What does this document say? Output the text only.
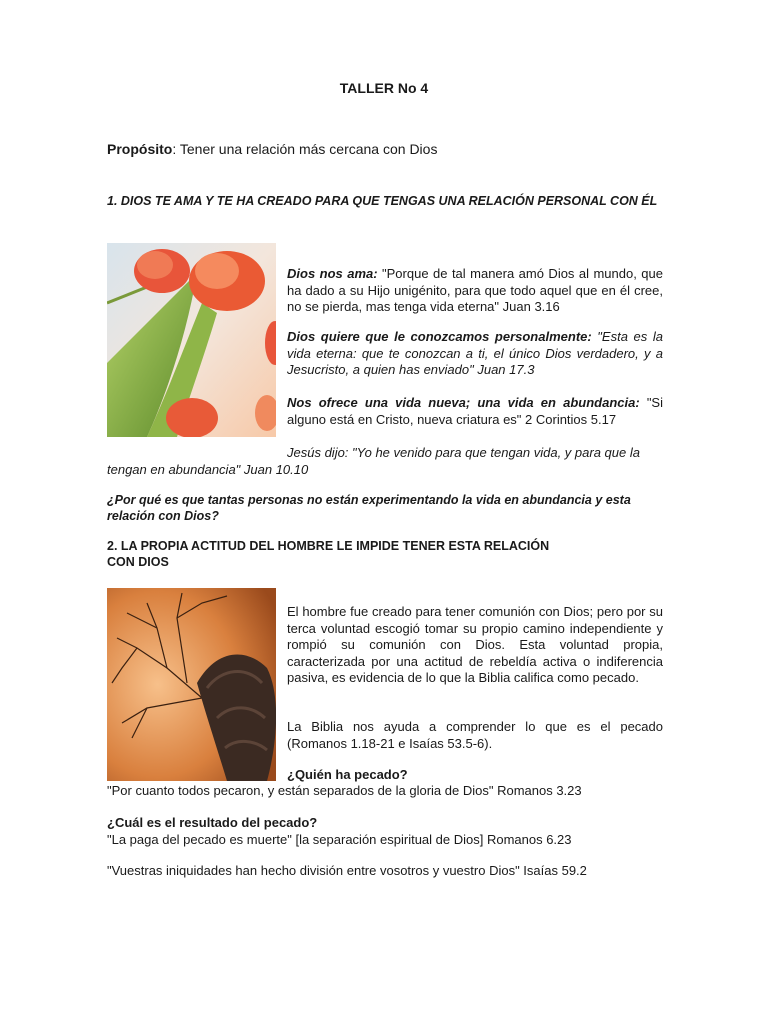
TALLER No 4
Propósito: Tener una relación más cercana con Dios
1. DIOS TE AMA Y TE HA CREADO PARA QUE TENGAS UNA RELACIÓN PERSONAL CON ÉL
Dios nos ama: "Porque de tal manera amó Dios al mundo, que ha dado a su Hijo unigénito, para que todo aquel que en él cree, no se pierda, mas tenga vida eterna" Juan 3.16
Dios quiere que le conozcamos personalmente: "Esta es la vida eterna: que te conozcan a ti, el único Dios verdadero, y a Jesucristo, a quien has enviado" Juan 17.3
Nos ofrece una vida nueva; una vida en abundancia: "Si alguno está en Cristo, nueva criatura es" 2 Corintios 5.17
Jesús dijo: "Yo he venido para que tengan vida, y para que la tengan en abundancia" Juan 10.10
¿Por qué es que tantas personas no están experimentando la vida en abundancia y esta relación con Dios?
2. LA PROPIA ACTITUD DEL HOMBRE LE IMPIDE TENER ESTA RELACIÓN
CON DIOS
El hombre fue creado para tener comunión con Dios; pero por su terca voluntad escogió tomar su propio camino independiente y rompió su comunión con Dios. Esta voluntad propia, caracterizada por una actitud de rebeldía activa o indiferencia pasiva, es evidencia de lo que la Biblia califica como pecado.
La Biblia nos ayuda a comprender lo que es el pecado (Romanos 1.18-21 e Isaías 53.5-6).
¿Quién ha pecado?
"Por cuanto todos pecaron, y están separados de la gloria de Dios" Romanos 3.23
¿Cuál es el resultado del pecado?
"La paga del pecado es muerte" [la separación espiritual de Dios] Romanos 6.23
"Vuestras iniquidades han hecho división entre vosotros y vuestro Dios" Isaías 59.2
